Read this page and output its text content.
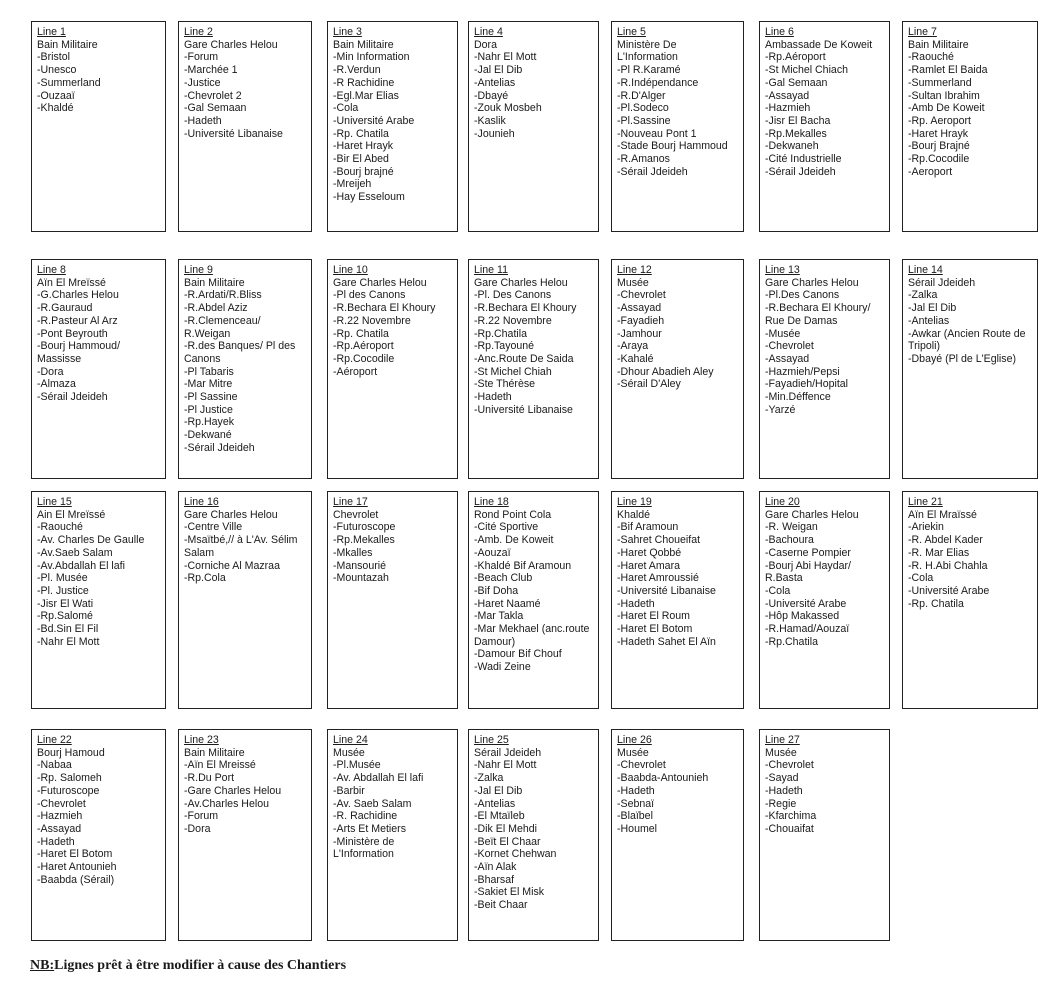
Line 1
Bain Militaire
-Bristol
-Unesco
-Summerland
-Ouzaaï
-Khaldé
Line 2
Gare Charles Helou
-Forum
-Marchée 1
-Justice
-Chevrolet 2
-Gal Semaan
-Hadeth
-Université Libanaise
Line 3
Bain Militaire
-Min Information
-R.Verdun
-R Rachidine
-Egl.Mar Elias
-Cola
-Université Arabe
-Rp. Chatila
-Haret Hrayk
-Bir El Abed
-Bourj brajné
-Mreijeh
-Hay Esseloum
Line 4
Dora
-Nahr El Mott
-Jal El Dib
-Antelias
-Dbayé
-Zouk Mosbeh
-Kaslik
-Jounieh
Line 5
Ministère De L'Information
-Pl R.Karamé
-R.Indépendance
-R.D'Alger
-Pl.Sodeco
-Pl.Sassine
-Nouveau Pont 1
-Stade Bourj Hammoud
-R.Amanos
-Sérail Jdeideh
Line 6
Ambassade De Koweit
-Rp.Aéroport
-St Michel Chiach
-Gal Semaan
-Assayad
-Hazmieh
-Jisr El Bacha
-Rp.Mekalles
-Dekwaneh
-Cité Industrielle
-Sérail Jdeideh
Line 7
Bain Militaire
-Raouché
-Ramlet El Baida
-Summerland
-Sultan Ibrahim
-Amb De Koweit
-Rp. Aeroport
-Haret Hrayk
-Bourj Brajné
-Rp.Cocodile
-Aeroport
Line 8
Aïn El Mreïssé
-G.Charles Helou
-R.Gauraud
-R.Pasteur Al Arz
-Pont Beyrouth
-Bourj Hammoud/ Massisse
-Dora
-Almaza
-Sérail Jdeideh
Line 9
Bain Militaire
-R.Ardati/R.Bliss
-R.Abdel Aziz
-R.Clemenceau/ R.Weigan
-R.des Banques/ Pl des Canons
-Pl Tabaris
-Mar Mitre
-Pl Sassine
-Pl Justice
-Rp.Hayek
-Dekwané
-Sérail Jdeideh
Line 10
Gare Charles Helou
-Pl des Canons
-R.Bechara El Khoury
-R.22 Novembre
-Rp. Chatila
-Rp.Aéroport
-Rp.Cocodile
-Aéroport
Line 11
Gare Charles Helou
-Pl. Des Canons
-R.Bechara El Khoury
-R.22 Novembre
-Rp.Chatila
-Rp.Tayouné
-Anc.Route De Saida
-St Michel Chiah
-Ste Thérèse
-Hadeth
-Université Libanaise
Line 12
Musée
-Chevrolet
-Assayad
-Fayadieh
-Jamhour
-Araya
-Kahalé
-Dhour Abadieh Aley
-Sérail D'Aley
Line 13
Gare Charles Helou
-Pl.Des Canons
-R.Bechara El Khoury/ Rue De Damas
-Musée
-Chevrolet
-Assayad
-Hazmieh/Pepsi
-Fayadieh/Hopital
-Min.Déffence
-Yarzé
Line 14
Sérail Jdeideh
-Zalka
-Jal El Dib
-Antelias
-Awkar (Ancien Route de Tripoli)
-Dbayé (Pl de L'Eglise)
Line 15
Ain El Mreïssé
-Raouché
-Av. Charles De Gaulle
-Av.Saeb Salam
-Av.Abdallah El lafi
-Pl. Musée
-Pl. Justice
-Jisr El Wati
-Rp.Salomé
-Bd.Sin El Fil
-Nahr El Mott
Line 16
Gare Charles Helou
-Centre Ville
-Msaïtbé,// à L'Av. Sélim Salam
-Corniche Al Mazraa
-Rp.Cola
Line 17
Chevrolet
-Futuroscope
-Rp.Mekalles
-Mkalles
-Mansourié
-Mountazah
Line 18
Rond Point Cola
-Cité Sportive
-Amb. De Koweit
-Aouzaï
-Khaldé Bif Aramoun
-Beach Club
-Bif Doha
-Haret Naamé
-Mar Takla
-Mar Mekhael (anc.route Damour)
-Damour Bif Chouf
-Wadi Zeine
Line 19
Khaldé
-Bif Aramoun
-Sahret Choueifat
-Haret Qobbé
-Haret Amara
-Haret Amroussié
-Université Libanaise
-Hadeth
-Haret El Roum
-Haret El Botom
-Hadeth Sahet El Aïn
Line 20
Gare Charles Helou
-R. Weigan
-Bachoura
-Caserne Pompier
-Bourj Abi Haydar/ R.Basta
-Cola
-Université Arabe
-Hôp Makassed
-R.Hamad/Aouzaï
-Rp.Chatila
Line 21
Aïn El Mraïssé
-Ariekin
-R. Abdel Kader
-R. Mar Elias
-R. H.Abi Chahla
-Cola
-Université Arabe
-Rp. Chatila
Line 22
Bourj Hamoud
-Nabaa
-Rp. Salomeh
-Futuroscope
-Chevrolet
-Hazmieh
-Assayad
-Hadeth
-Haret El Botom
-Haret Antounieh
-Baabda (Sérail)
Line 23
Bain Militaire
-Aïn El Mreissé
-R.Du Port
-Gare Charles Helou
-Av.Charles Helou
-Forum
-Dora
Line 24
Musée
-Pl.Musée
-Av. Abdallah El lafi
-Barbir
-Av. Saeb Salam
-R. Rachidine
-Arts Et Metiers
-Ministère de L'Information
Line 25
Sérail Jdeideh
-Nahr El Mott
-Zalka
-Jal El Dib
-Antelias
-El Mtaïleb
-Dik El Mehdi
-Beït El Chaar
-Kornet Chehwan
-Aïn Alak
-Bharsaf
-Sakiet El Misk
-Beit Chaar
Line 26
Musée
-Chevrolet
-Baabda-Antounieh
-Hadeth
-Sebnaï
-Blaïbel
-Houmel
Line 27
Musée
-Chevrolet
-Sayad
-Hadeth
-Regie
-Kfarchima
-Chouaifat
NB:Lignes prêt à être modifier à cause des Chantiers
